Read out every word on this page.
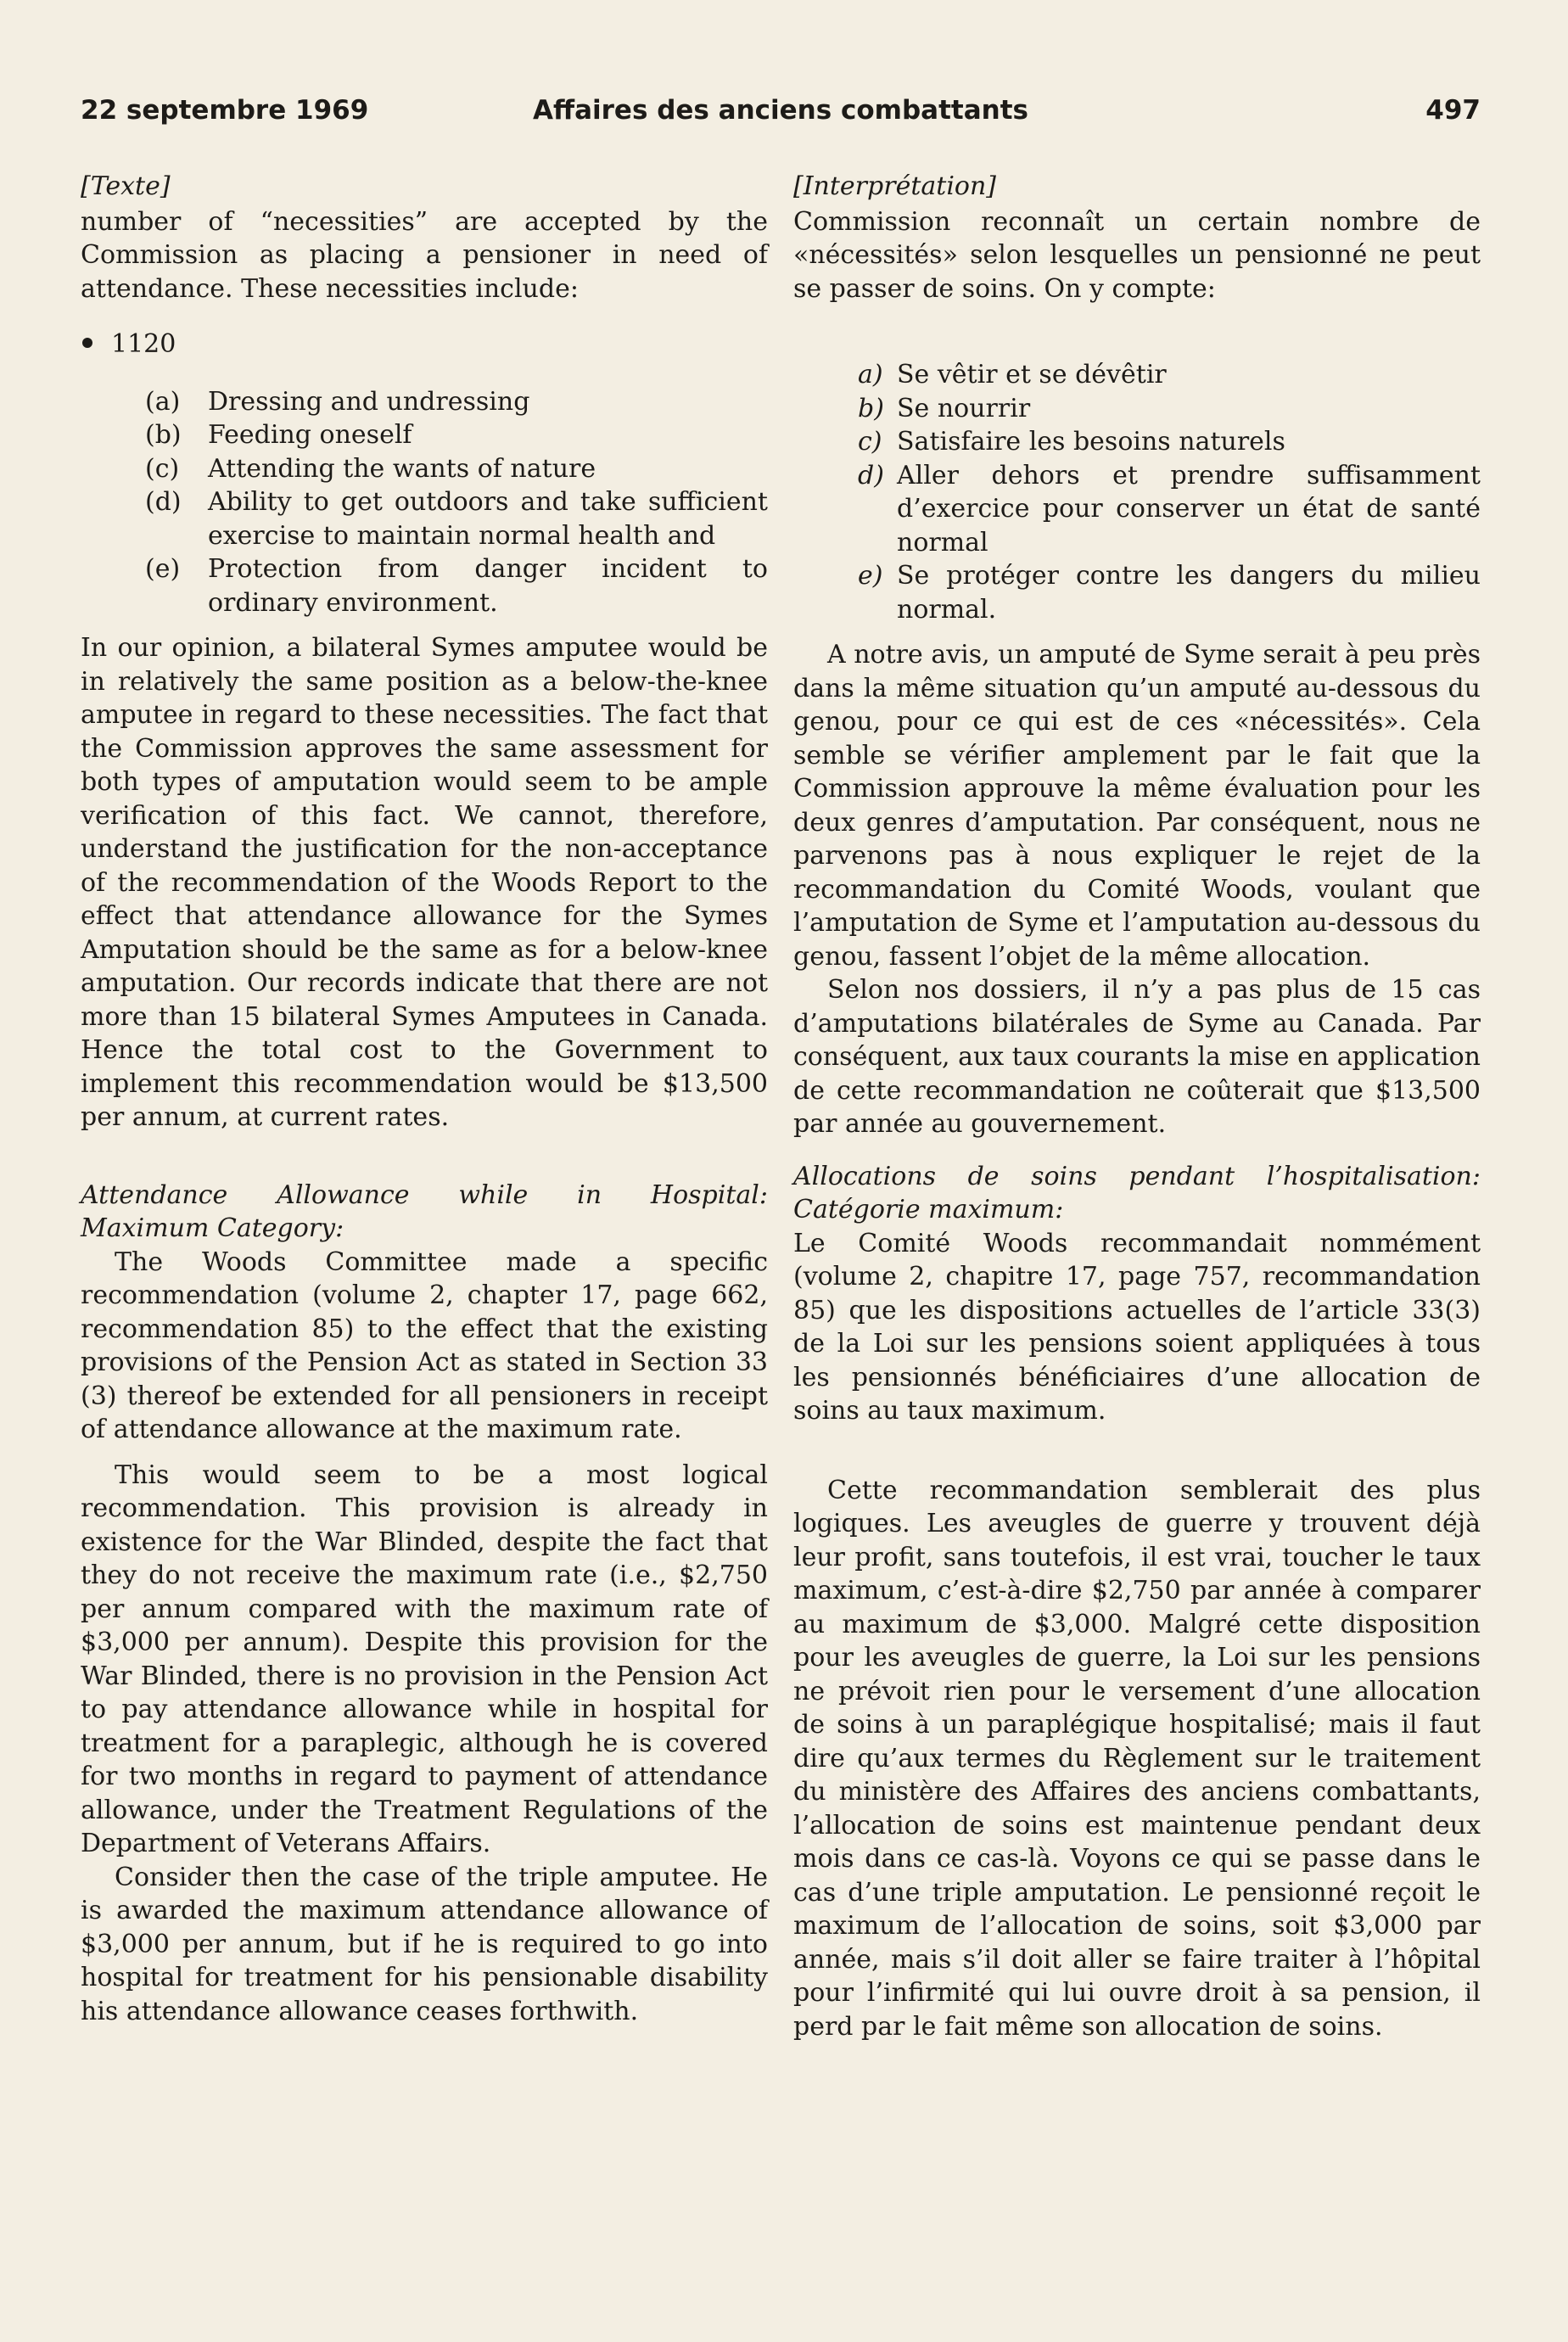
22 septembre 1969	Affaires des anciens combattants	497

[Texte]

number of “necessities” are accepted by the Commission as placing a pensioner in need of attendance. These necessities include:

1120
(a) Dressing and undressing
(b) Feeding oneself
(c) Attending the wants of nature
(d) Ability to get outdoors and take sufficient exercise to maintain normal health and
(e) Protection from danger incident to ordinary environment.

In our opinion, a bilateral Symes amputee would be in relatively the same position as a below-the-knee amputee in regard to these necessities. The fact that the Commission approves the same assessment for both types of amputation would seem to be ample verification of this fact. We cannot, therefore, understand the justification for the non-acceptance of the recommendation of the Woods Report to the effect that attendance allowance for the Symes Amputation should be the same as for a below-knee amputation. Our records indicate that there are not more than 15 bilateral Symes Amputees in Canada. Hence the total cost to the Government to implement this recommendation would be $13,500 per annum, at current rates.

Attendance Allowance while in Hospital:
Maximum Category:

The Woods Committee made a specific recommendation (volume 2, chapter 17, page 662, recommendation 85) to the effect that the existing provisions of the Pension Act as stated in Section 33 (3) thereof be extended for all pensioners in receipt of attendance allowance at the maximum rate.

This would seem to be a most logical recommendation. This provision is already in existence for the War Blinded, despite the fact that they do not receive the maximum rate (i.e., $2,750 per annum compared with the maximum rate of $3,000 per annum). Despite this provision for the War Blinded, there is no provision in the Pension Act to pay attendance allowance while in hospital for treatment for a paraplegic, although he is covered for two months in regard to payment of attendance allowance, under the Treatment Regulations of the Department of Veterans Affairs.

Consider then the case of the triple amputee. He is awarded the maximum attendance allowance of $3,000 per annum, but if he is required to go into hospital for treatment for his pensionable disability his attendance allowance ceases forthwith.

[Interprétation]

Commission reconnaît un certain nombre de «nécessités» selon lesquelles un pensionné ne peut se passer de soins. On y compte:

a) Se vêtir et se dévêtir
b) Se nourrir
c) Satisfaire les besoins naturels
d) Aller dehors et prendre suffisamment d’exercice pour conserver un état de santé normal
e) Se protéger contre les dangers du milieu normal.

A notre avis, un amputé de Syme serait à peu près dans la même situation qu’un amputé au-dessous du genou, pour ce qui est de ces «nécessités». Cela semble se vérifier amplement par le fait que la Commission approuve la même évaluation pour les deux genres d’amputation. Par conséquent, nous ne parvenons pas à nous expliquer le rejet de la recommandation du Comité Woods, voulant que l’amputation de Syme et l’amputation au-dessous du genou, fassent l’objet de la même allocation.

Selon nos dossiers, il n’y a pas plus de 15 cas d’amputations bilatérales de Syme au Canada. Par conséquent, aux taux courants la mise en application de cette recommandation ne coûterait que $13,500 par année au gouvernement.

Allocations de soins pendant l’hospitalisation:
Catégorie maximum:

Le Comité Woods recommandait nommément (volume 2, chapitre 17, page 757, recommandation 85) que les dispositions actuelles de l’article 33(3) de la Loi sur les pensions soient appliquées à tous les pensionnés bénéficiaires d’une allocation de soins au taux maximum.

Cette recommandation semblerait des plus logiques. Les aveugles de guerre y trouvent déjà leur profit, sans toutefois, il est vrai, toucher le taux maximum, c’est-à-dire $2,750 par année à comparer au maximum de $3,000. Malgré cette disposition pour les aveugles de guerre, la Loi sur les pensions ne prévoit rien pour le versement d’une allocation de soins à un paraplégique hospitalisé; mais il faut dire qu’aux termes du Règlement sur le traitement du ministère des Affaires des anciens combattants, l’allocation de soins est maintenue pendant deux mois dans ce cas-là. Voyons ce qui se passe dans le cas d’une triple amputation. Le pensionné reçoit le maximum de l’allocation de soins, soit $3,000 par année, mais s’il doit aller se faire traiter à l’hôpital pour l’infirmité qui lui ouvre droit à sa pension, il perd par le fait même son allocation de soins.
